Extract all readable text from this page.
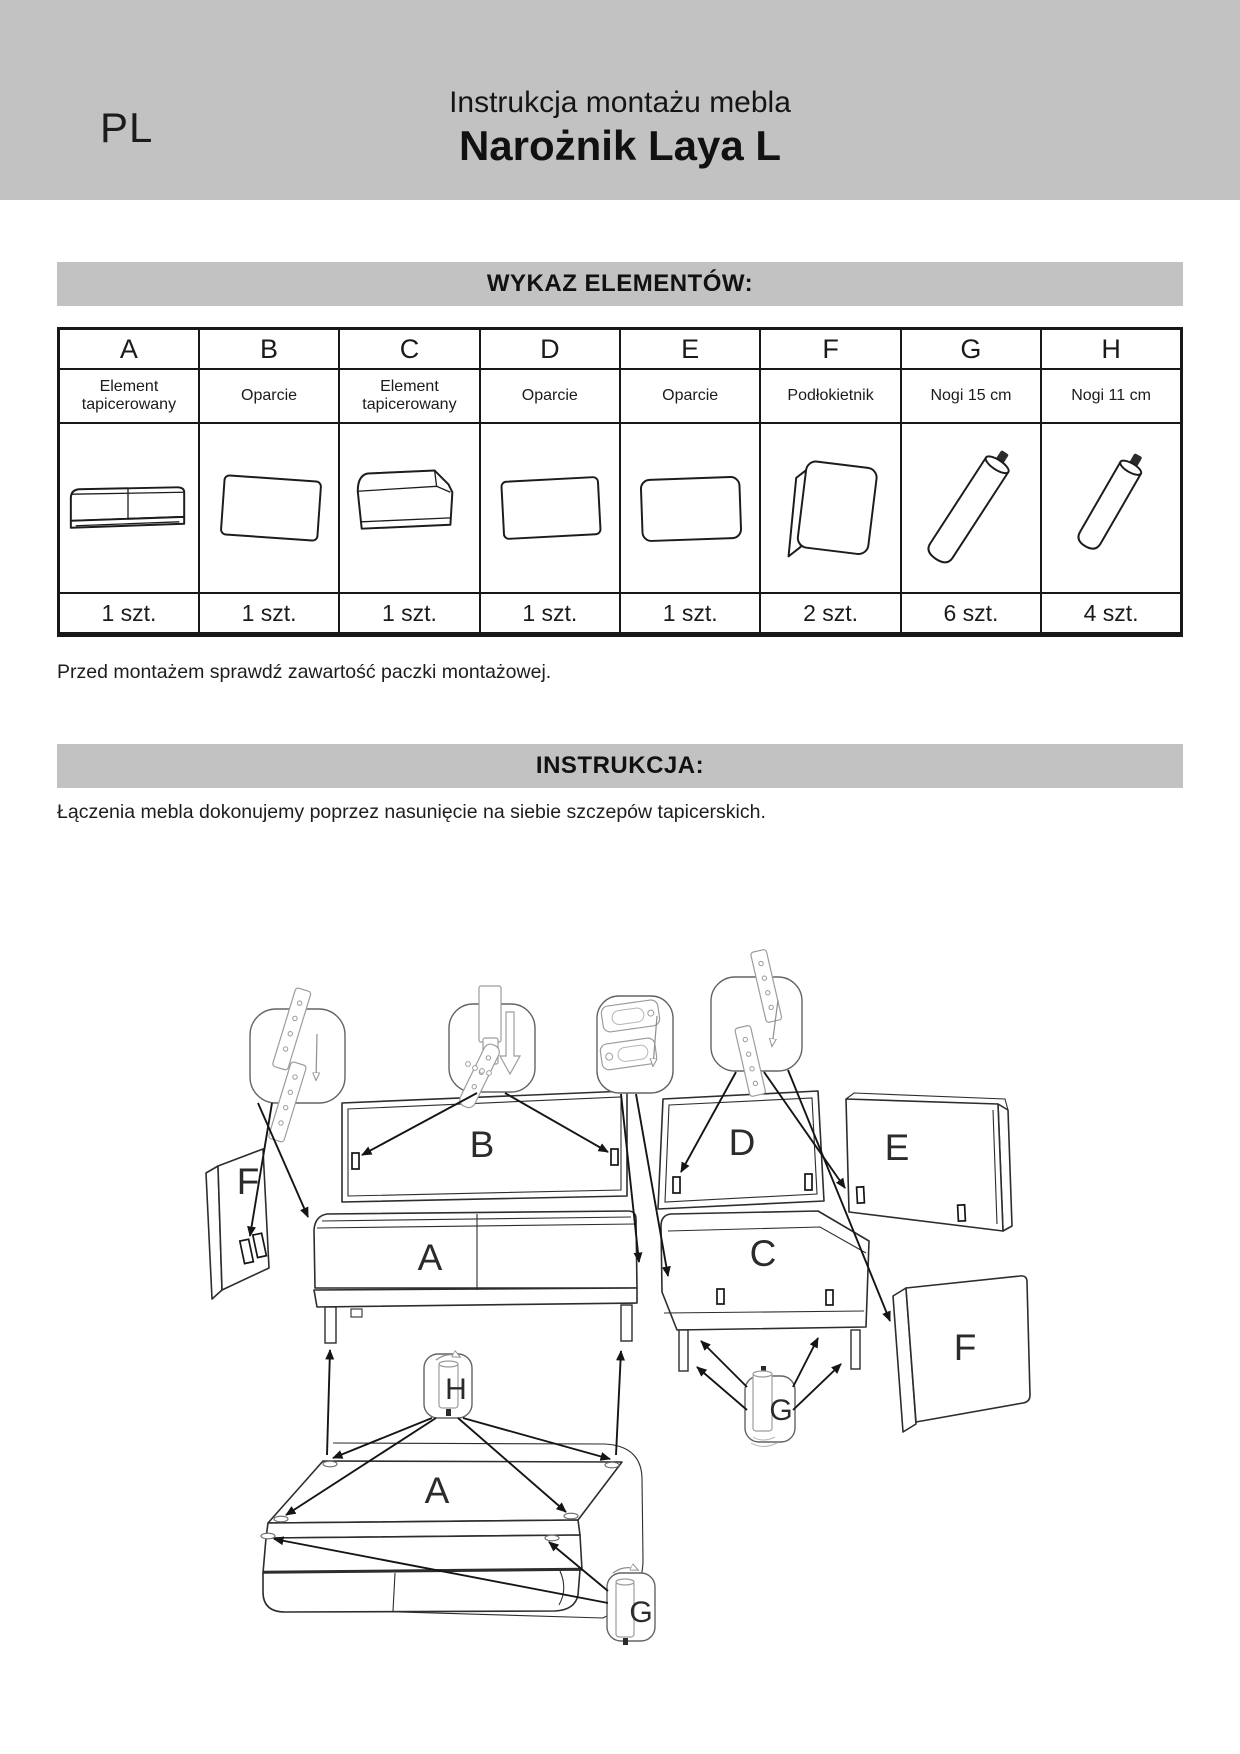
PL
Instrukcja montażu mebla
Narożnik Laya L
WYKAZ ELEMENTÓW:
A	B	C	D	E	F	G	H
Element tapicerowany	Oparcie	Element tapicerowany	Oparcie	Oparcie	Podłokietnik	Nogi 15 cm	Nogi 11 cm

1 szt.	1 szt.	1 szt.	1 szt.	1 szt.	2 szt.	6 szt.	4 szt.
Przed montażem sprawdź zawartość paczki montażowej.
INSTRUKCJA:
Łączenia mebla dokonujemy poprzez nasunięcie na siebie szczepów tapicerskich.
B	D	E
A	C
F
F
H
G
G
A
